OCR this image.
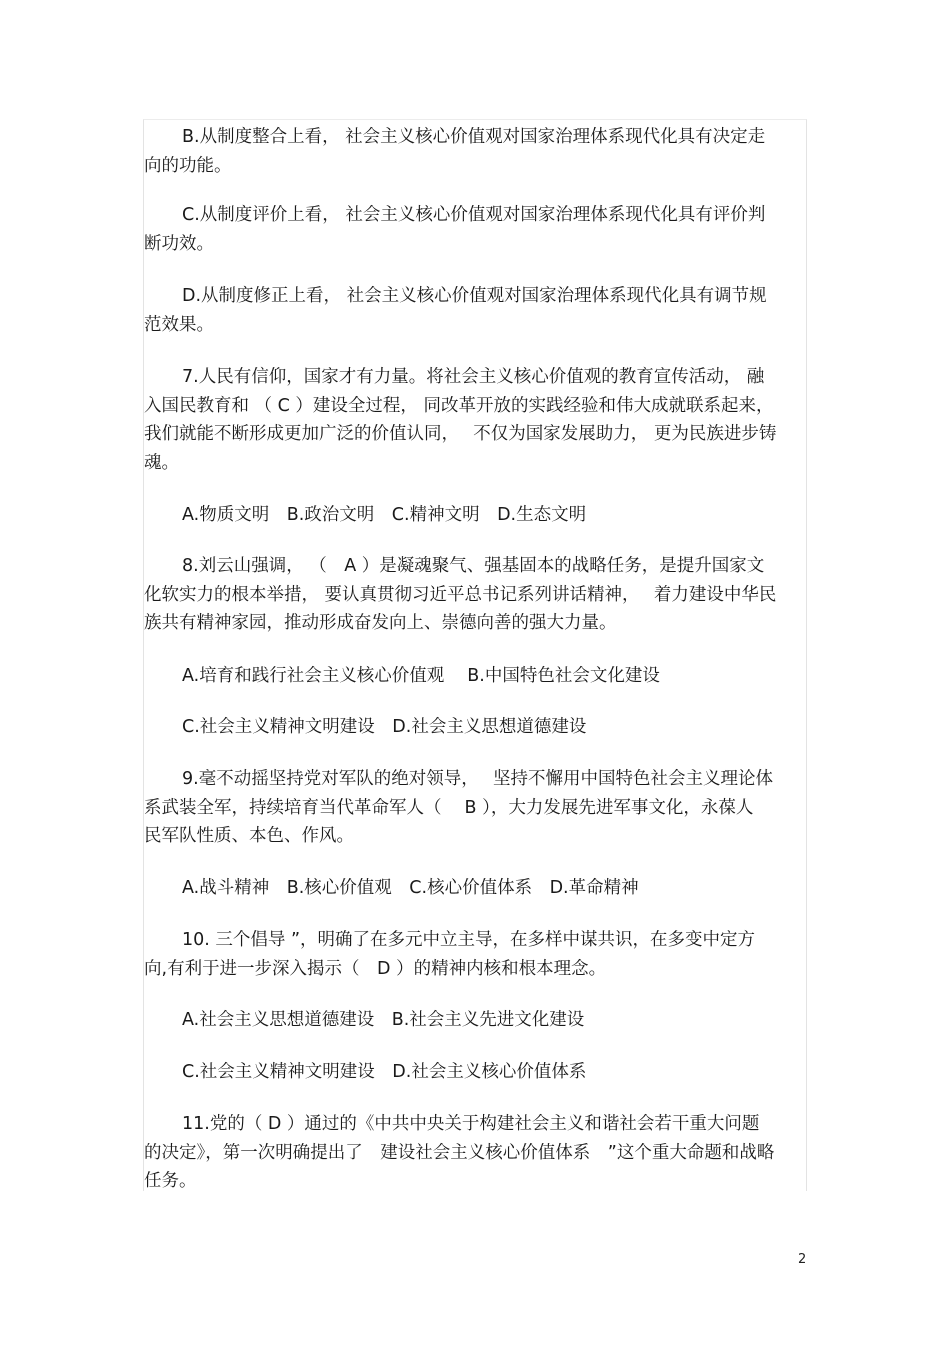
B.从制度整合上看， 社会主义核心价值观对国家治理体系现代化具有决定走
向的功能。

C.从制度评价上看， 社会主义核心价值观对国家治理体系现代化具有评价判
断功效。

D.从制度修正上看， 社会主义核心价值观对国家治理体系现代化具有调节规
范效果。

7.人民有信仰，国家才有力量。将社会主义核心价值观的教育宣传活动， 融
入国民教育和 （ C ）建设全过程， 同改革开放的实践经验和伟大成就联系起来，
我们就能不断形成更加广泛的价值认同，　 不仅为国家发展助力， 更为民族进步铸
魂。

A.物质文明　B.政治文明　C.精神文明　D.生态文明

8.刘云山强调， （　A ）是凝魂聚气、强基固本的战略任务，是提升国家文
化软实力的根本举措， 要认真贯彻习近平总书记系列讲话精神，　 着力建设中华民
族共有精神家园，推动形成奋发向上、崇德向善的强大力量。

A.培育和践行社会主义核心价值观　 B.中国特色社会文化建设

C.社会主义精神文明建设　D.社会主义思想道德建设

9.毫不动摇坚持党对军队的绝对领导，　 坚持不懈用中国特色社会主义理论体
系武装全军，持续培育当代革命军人（　 B ），大力发展先进军事文化，永葆人
民军队性质、本色、作风。

A.战斗精神　B.核心价值观　C.核心价值体系　D.革命精神

10. 三个倡导 ”，明确了在多元中立主导，在多样中谋共识，在多变中定方
向,有利于进一步深入揭示（　D ）的精神内核和根本理念。

A.社会主义思想道德建设　B.社会主义先进文化建设

C.社会主义精神文明建设　D.社会主义核心价值体系

11.党的（ D ）通过的《中共中央关于构建社会主义和谐社会若干重大问题
的决定》，第一次明确提出了　建设社会主义核心价值体系　”这个重大命题和战略
任务。

2
